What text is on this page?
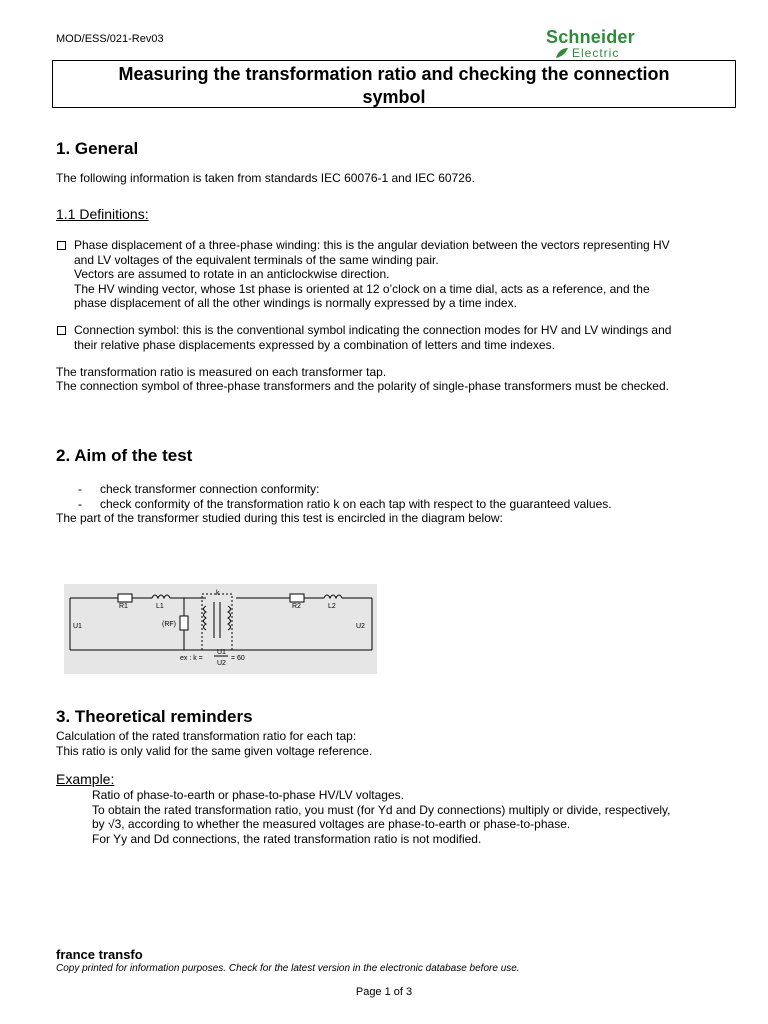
MOD/ESS/021-Rev03	Schneider
Electric
Measuring the transformation ratio and checking the connection
symbol
1. General
The following information is taken from standards IEC 60076-1 and IEC 60726.
1.1 Definitions:
Phase displacement of a three-phase winding: this is the angular deviation between the vectors representing HV
and LV voltages of the equivalent terminals of the same winding pair.
Vectors are assumed to rotate in an anticlockwise direction.
The HV winding vector, whose 1st phase is oriented at 12 o’clock on a time dial, acts as a reference, and the
phase displacement of all the other windings is normally expressed by a time index.
Connection symbol: this is the conventional symbol indicating the connection modes for HV and LV windings and
their relative phase displacements expressed by a combination of letters and time indexes.
The transformation ratio is measured on each transformer tap.
The connection symbol of three-phase transformers and the polarity of single-phase transformers must be checked.
2. Aim of the test
- check transformer connection conformity:
- check conformity of the transformation ratio k on each tap with respect to the guaranteed values.
The part of the transformer studied during this test is encircled in the diagram below:
R1	L1
k
R2	L2
U1	U2
(RF)
ex : k =
U1
U2
= 60
3. Theoretical reminders
Calculation of the rated transformation ratio for each tap:
This ratio is only valid for the same given voltage reference.
Example:
Ratio of phase-to-earth or phase-to-phase HV/LV voltages.
To obtain the rated transformation ratio, you must (for Yd and Dy connections) multiply or divide, respectively,
by √3, according to whether the measured voltages are phase-to-earth or phase-to-phase.
For Yy and Dd connections, the rated transformation ratio is not modified.
france transfo
Copy printed for information purposes. Check for the latest version in the electronic database before use.
Page 1 of 3
